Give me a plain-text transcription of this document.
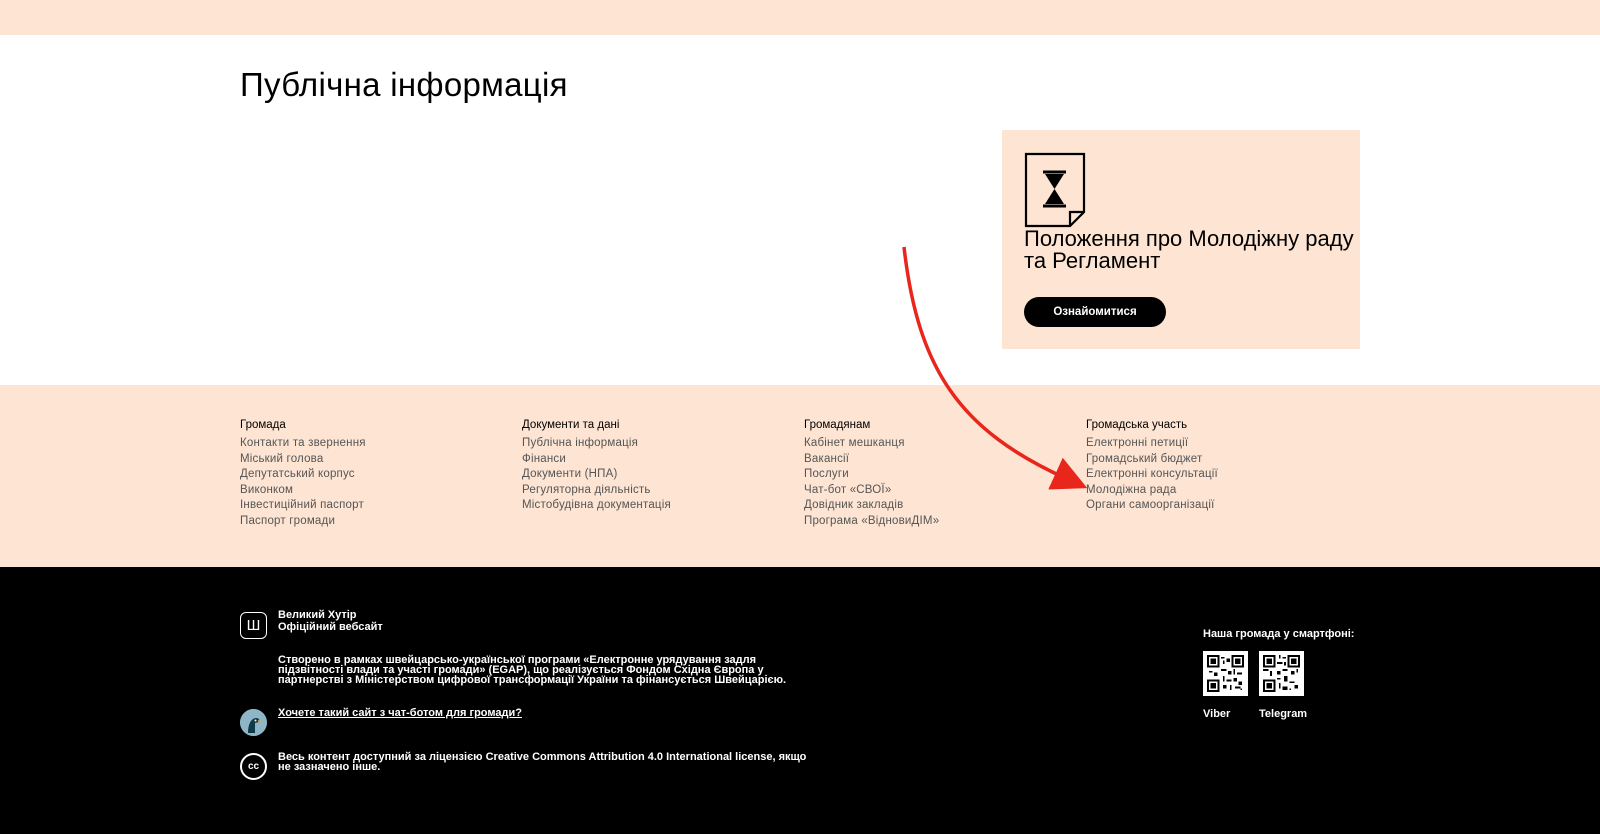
Публічна інформація
Положення про Молодіжну раду та Регламент
Ознайомитися
Громада
Контакти та звернення
Міський голова
Депутатський корпус
Виконком
Інвестиційний паспорт
Паспорт громади
Документи та дані
Публічна інформація
Фінанси
Документи (НПА)
Регуляторна діяльність
Містобудівна документація
Громадянам
Кабінет мешканця
Вакансії
Послуги
Чат-бот «СВОЇ»
Довідник закладів
Програма «ВідновиДІМ»
Громадська участь
Електронні петиції
Громадський бюджет
Електронні консультації
Молодіжна рада
Органи самоорганізації
Ш
Великий Хутір
Офіційний вебсайт
Створено в рамках швейцарсько-української програми «Електронне урядування задля підзвітності влади та участі громади» (EGAP), що реалізується Фондом Східна Європа у партнерстві з Міністерством цифрової трансформації України та фінансується Швейцарією.
Хочете такий сайт з чат-ботом для громади?
cc
Весь контент доступний за ліцензією Creative Commons Attribution 4.0 International license, якщо не зазначено інше.
Наша громада у смартфоні:
Viber	Telegram
